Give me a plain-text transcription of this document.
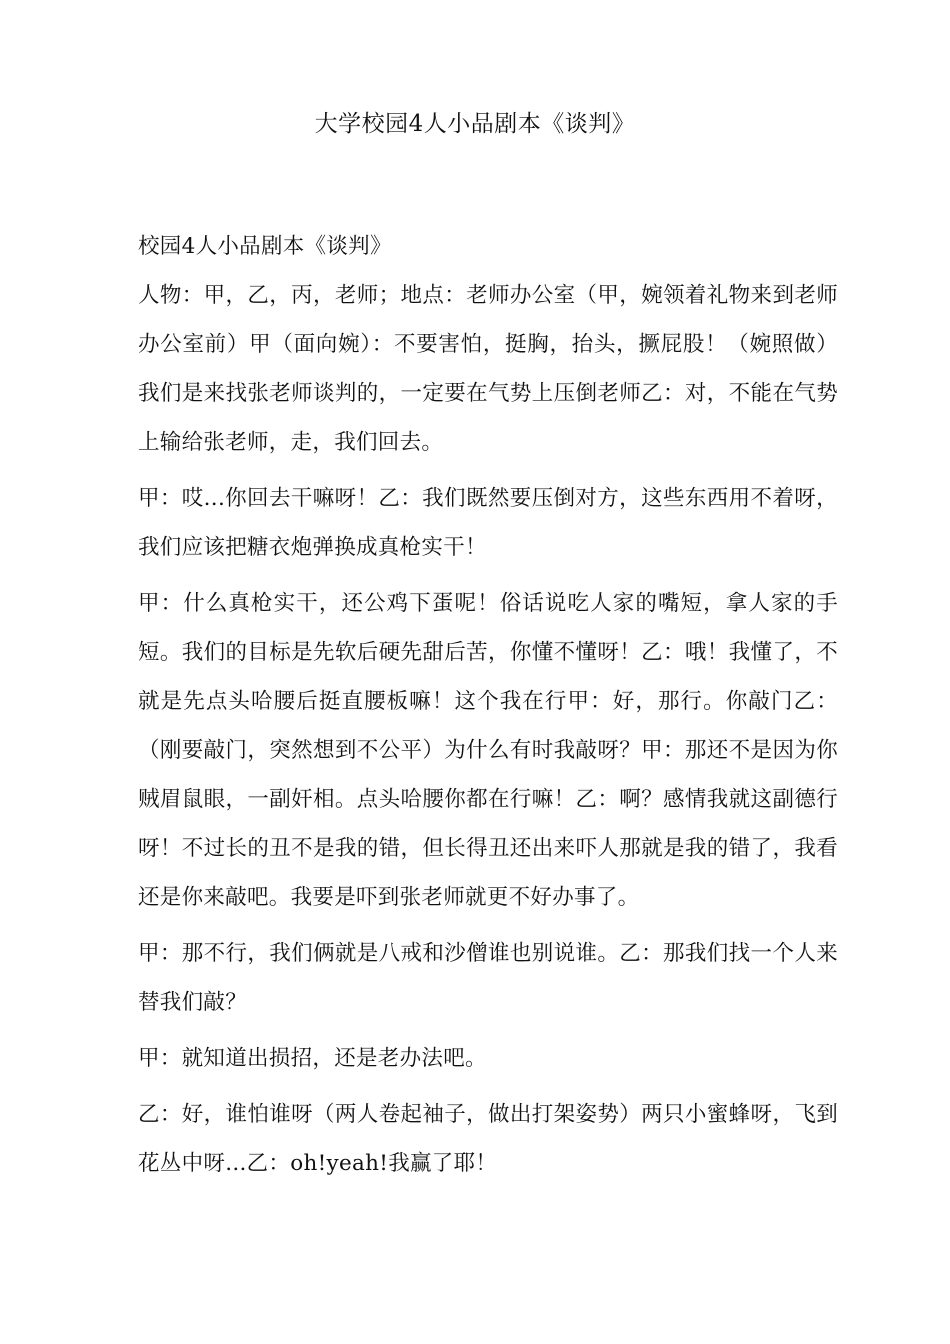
大学校园4人小品剧本《谈判》

校园4人小品剧本《谈判》

人物：甲，乙，丙，老师；地点：老师办公室（甲，婉领着礼物来到老师办公室前）甲（面向婉）：不要害怕，挺胸，抬头，撅屁股！（婉照做）我们是来找张老师谈判的，一定要在气势上压倒老师乙：对，不能在气势上输给张老师，走，我们回去。

甲：哎...你回去干嘛呀！乙：我们既然要压倒对方，这些东西用不着呀，我们应该把糖衣炮弹换成真枪实干！

甲：什么真枪实干，还公鸡下蛋呢！俗话说吃人家的嘴短，拿人家的手短。我们的目标是先软后硬先甜后苦，你懂不懂呀！乙：哦！我懂了，不就是先点头哈腰后挺直腰板嘛！这个我在行甲：好，那行。你敲门乙：（刚要敲门，突然想到不公平）为什么有时我敲呀？甲：那还不是因为你贼眉鼠眼，一副奸相。点头哈腰你都在行嘛！乙：啊？感情我就这副德行呀！不过长的丑不是我的错，但长得丑还出来吓人那就是我的错了，我看还是你来敲吧。我要是吓到张老师就更不好办事了。

甲：那不行，我们俩就是八戒和沙僧谁也别说谁。乙：那我们找一个人来替我们敲？

甲：就知道出损招，还是老办法吧。

乙：好，谁怕谁呀（两人卷起袖子，做出打架姿势）两只小蜜蜂呀，飞到花丛中呀...乙：oh!yeah!我赢了耶！
